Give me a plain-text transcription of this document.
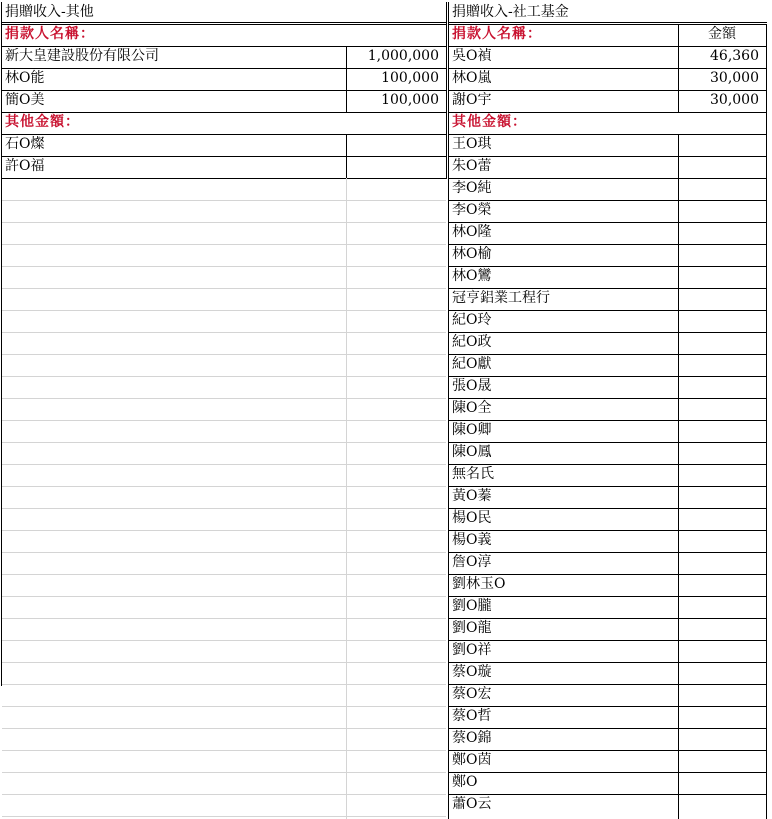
捐贈收入-其他
捐款人名稱：
新大皇建設股份有限公司	1,000,000
林O能	100,000
簡O美	100,000
其他金額：
石O燦
許O福
捐贈收入-社工基金
捐款人名稱：	金額
吳O禎	46,360
林O嵐	30,000
謝O宇	30,000
其他金額：
王O琪
朱O蕾
李O純
李O榮
林O隆
林O榆
林O鸞
冠亨鋁業工程行
紀O玲
紀O政
紀O獻
張O晟
陳O全
陳O卿
陳O鳳
無名氏
黃O蓁
楊O民
楊O義
詹O淳
劉林玉O
劉O朧
劉O龍
劉O祥
蔡O璇
蔡O宏
蔡O哲
蔡O錦
鄭O茵
鄭O
蕭O云
